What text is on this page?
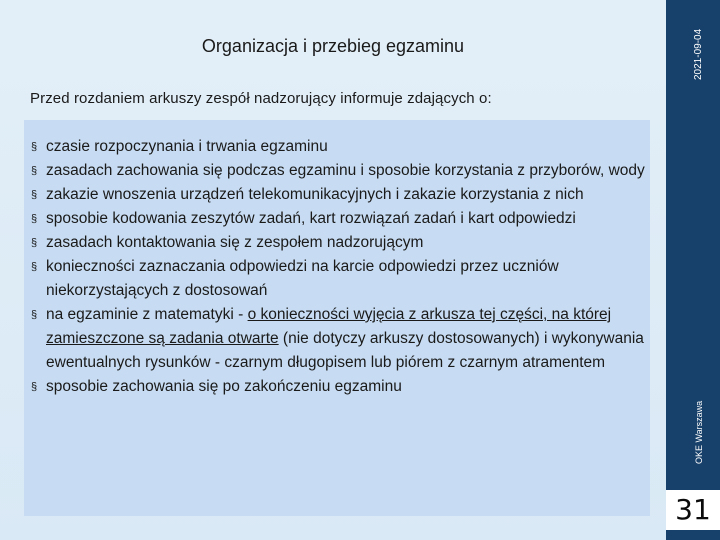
Organizacja i przebieg egzaminu
Przed rozdaniem arkuszy zespół nadzorujący informuje zdających o:
§ czasie rozpoczynania i trwania egzaminu
§ zasadach zachowania się podczas egzaminu i sposobie korzystania z przyborów, wody
§ zakazie wnoszenia urządzeń telekomunikacyjnych i zakazie korzystania z nich
§ sposobie kodowania zeszytów zadań, kart rozwiązań zadań i kart odpowiedzi
§ zasadach kontaktowania się z zespołem nadzorującym
§ konieczności zaznaczania odpowiedzi na karcie odpowiedzi przez uczniów niekorzystających z dostosowań
§ na egzaminie z matematyki - o konieczności wyjęcia z arkusza tej części, na której zamieszczone są zadania otwarte (nie dotyczy arkuszy dostosowanych) i wykonywania ewentualnych rysunków - czarnym długopisem lub piórem z czarnym atramentem
§ sposobie zachowania się po zakończeniu egzaminu
2021-09-04
OKE Warszawa
31
